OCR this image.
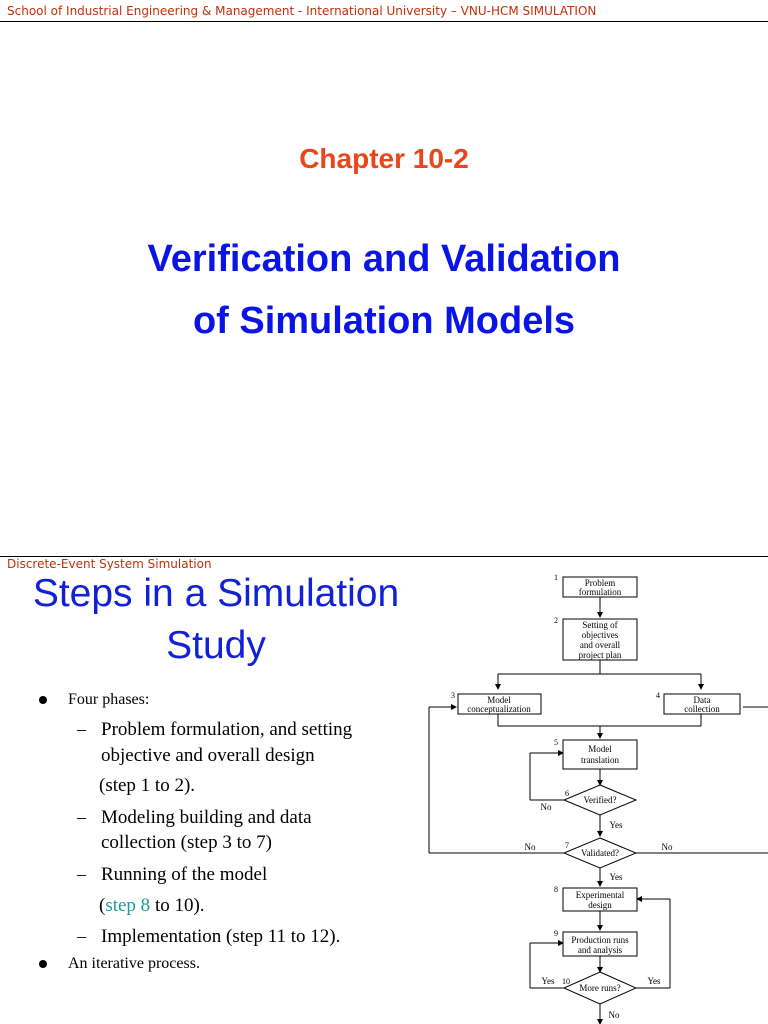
School of Industrial Engineering & Management - International University – VNU-HCM SIMULATION
Chapter 10-2
Verification and Validation
of Simulation Models
Discrete-Event System Simulation
Steps in a Simulation
Study
Four phases:
– Problem formulation, and setting
objective and overall design
(step 1 to 2).
– Modeling building and data
collection (step 3 to 7)
– Running of the model
(step 8 to 10).
– Implementation (step 11 to 12).
An iterative process.
1
Problem
formulation
2	Setting of
objectives
and overall
project plan
3	Model
conceptualization
4	Data
collection
5
Model
translation
6
Verified?
No
Yes
7
Validated?
No	No
Yes
8
Experimental
design
9
Production runs
and analysis
10
More runs?
Yes	Yes
No
